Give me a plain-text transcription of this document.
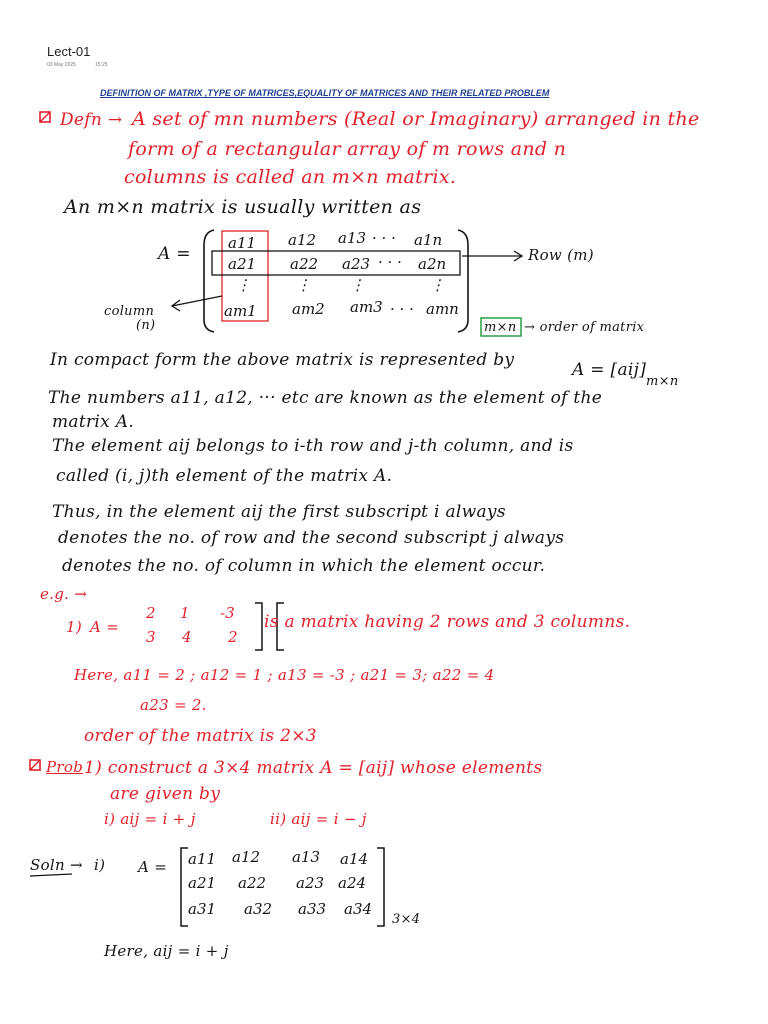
Lect-01
03 May 2025	15:25
DEFINITION OF MATRIX ,TYPE OF MATRICES,EQUALITY OF MATRICES AND THEIR RELATED PROBLEM
Defn → A set of mn numbers (Real or Imaginary) arranged in the
form of a rectangular array of m rows and n
columns is called an m×n matrix.
An m×n matrix is usually written as
A =
a11 a12 a13 · · · a1n
a21 a22 a23 · · · a2n
⋮	⋮	⋮	⋮
am1 am2 am3 · · · amn
Row (m)
column
(n)	m×n → order of matrix
In compact form the above matrix is represented by	A = [aij]
m×n
The numbers a11, a12, ··· etc are known as the element of the
matrix A.
The element aij belongs to i-th row and j-th column, and is
called (i, j)th element of the matrix A.
Thus, in the element aij the first subscript i always
denotes the no. of row and the second subscript j always
denotes the no. of column in which the element occur.
e.g. →
1) A =
2 1 -3
3 4 2
is a matrix having 2 rows and 3 columns.
Here, a11 = 2 ; a12 = 1 ; a13 = -3 ; a21 = 3; a22 = 4
a23 = 2.
order of the matrix is 2×3
Prob 1) construct a 3×4 matrix A = [aij] whose elements
are given by
i) aij = i + j	ii) aij = i − j
Soln → i) A = a11 a12 a13 a14
a21 a22 a23 a24
a31 a32 a33 a34
3×4
Here, aij = i + j
